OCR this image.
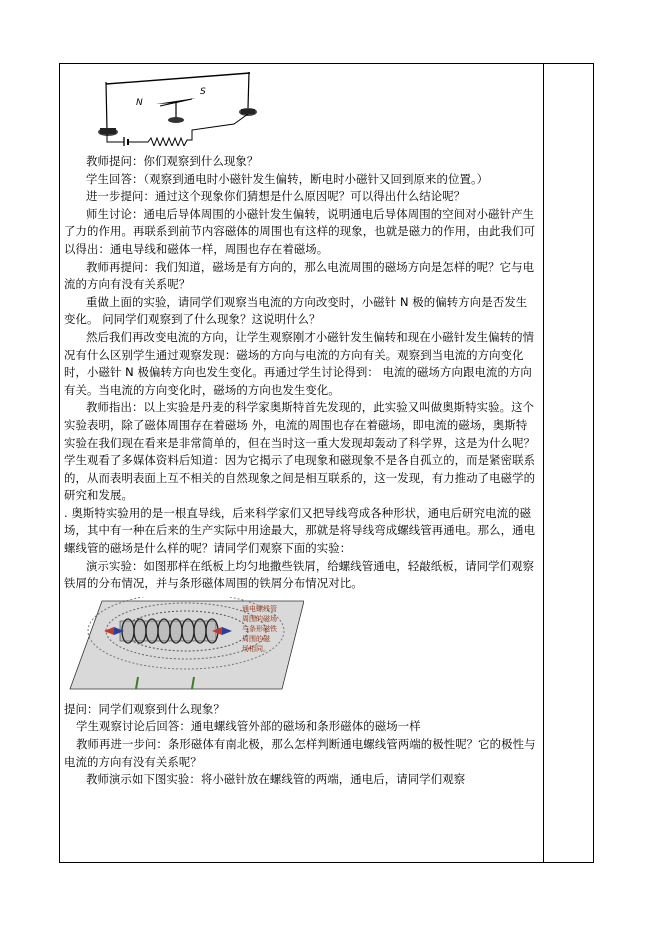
N
S

教师提问：你们观察到什么现象？

学生回答：（观察到通电时小磁针发生偏转，断电时小磁针又回到原来的位置。）

进一步提问：通过这个现象你们猜想是什么原因呢？可以得出什么结论呢？

师生讨论：通电后导体周围的小磁针发生偏转，说明通电后导体周围的空间对小磁针产生了力的作用。再联系到前节内容磁体的周围也有这样的现象，也就是磁力的作用，由此我们可以得出：通电导线和磁体一样，周围也存在着磁场。

教师再提问：我们知道，磁场是有方向的，那么电流周围的磁场方向是怎样的呢？它与电流的方向有没有关系呢？

重做上面的实验，请同学们观察当电流的方向改变时，小磁针 N 极的偏转方向是否发生变化。 问同学们观察到了什么现象？这说明什么？

然后我们再改变电流的方向，让学生观察刚才小磁针发生偏转和现在小磁针发生偏转的情况有什么区别学生通过观察发现：磁场的方向与电流的方向有关。观察到当电流的方向变化时，小磁针 N 极偏转方向也发生变化。再通过学生讨论得到： 电流的磁场方向跟电流的方向有关。当电流的方向变化时，磁场的方向也发生变化。

教师指出：以上实验是丹麦的科学家奥斯特首先发现的，此实验又叫做奥斯特实验。这个实验表明，除了磁体周围存在着磁场 外，电流的周围也存在着磁场，即电流的磁场，奥斯特实验在我们现在看来是非常简单的，但在当时这一重大发现却轰动了科学界，这是为什么呢？

学生观看了多媒体资料后知道：因为它揭示了电现象和磁现象不是各自孤立的，而是紧密联系的，从而表明表面上互不相关的自然现象之间是相互联系的，这一发现，有力推动了电磁学的研究和发展。

. 奥斯特实验用的是一根直导线，后来科学家们又把导线弯成各种形状，通电后研究电流的磁场，其中有一种在后来的生产实际中用途最大，那就是将导线弯成螺线管再通电。那么，通电螺线管的磁场是什么样的呢？请同学们观察下面的实验：

演示实验：如图那样在纸板上均匀地撒些铁屑，给螺线管通电，轻敲纸板，请同学们观察铁屑的分布情况，并与条形磁体周围的铁屑分布情况对比。

通电螺线管
周围的磁场
与条形磁铁
周围的磁
场相同。

提问：同学们观察到什么现象？

学生观察讨论后回答：通电螺线管外部的磁场和条形磁体的磁场一样

教师再进一步问：条形磁体有南北极，那么怎样判断通电螺线管两端的极性呢？它的极性与电流的方向有没有关系呢？

教师演示如下图实验：将小磁针放在螺线管的两端，通电后，请同学们观察
